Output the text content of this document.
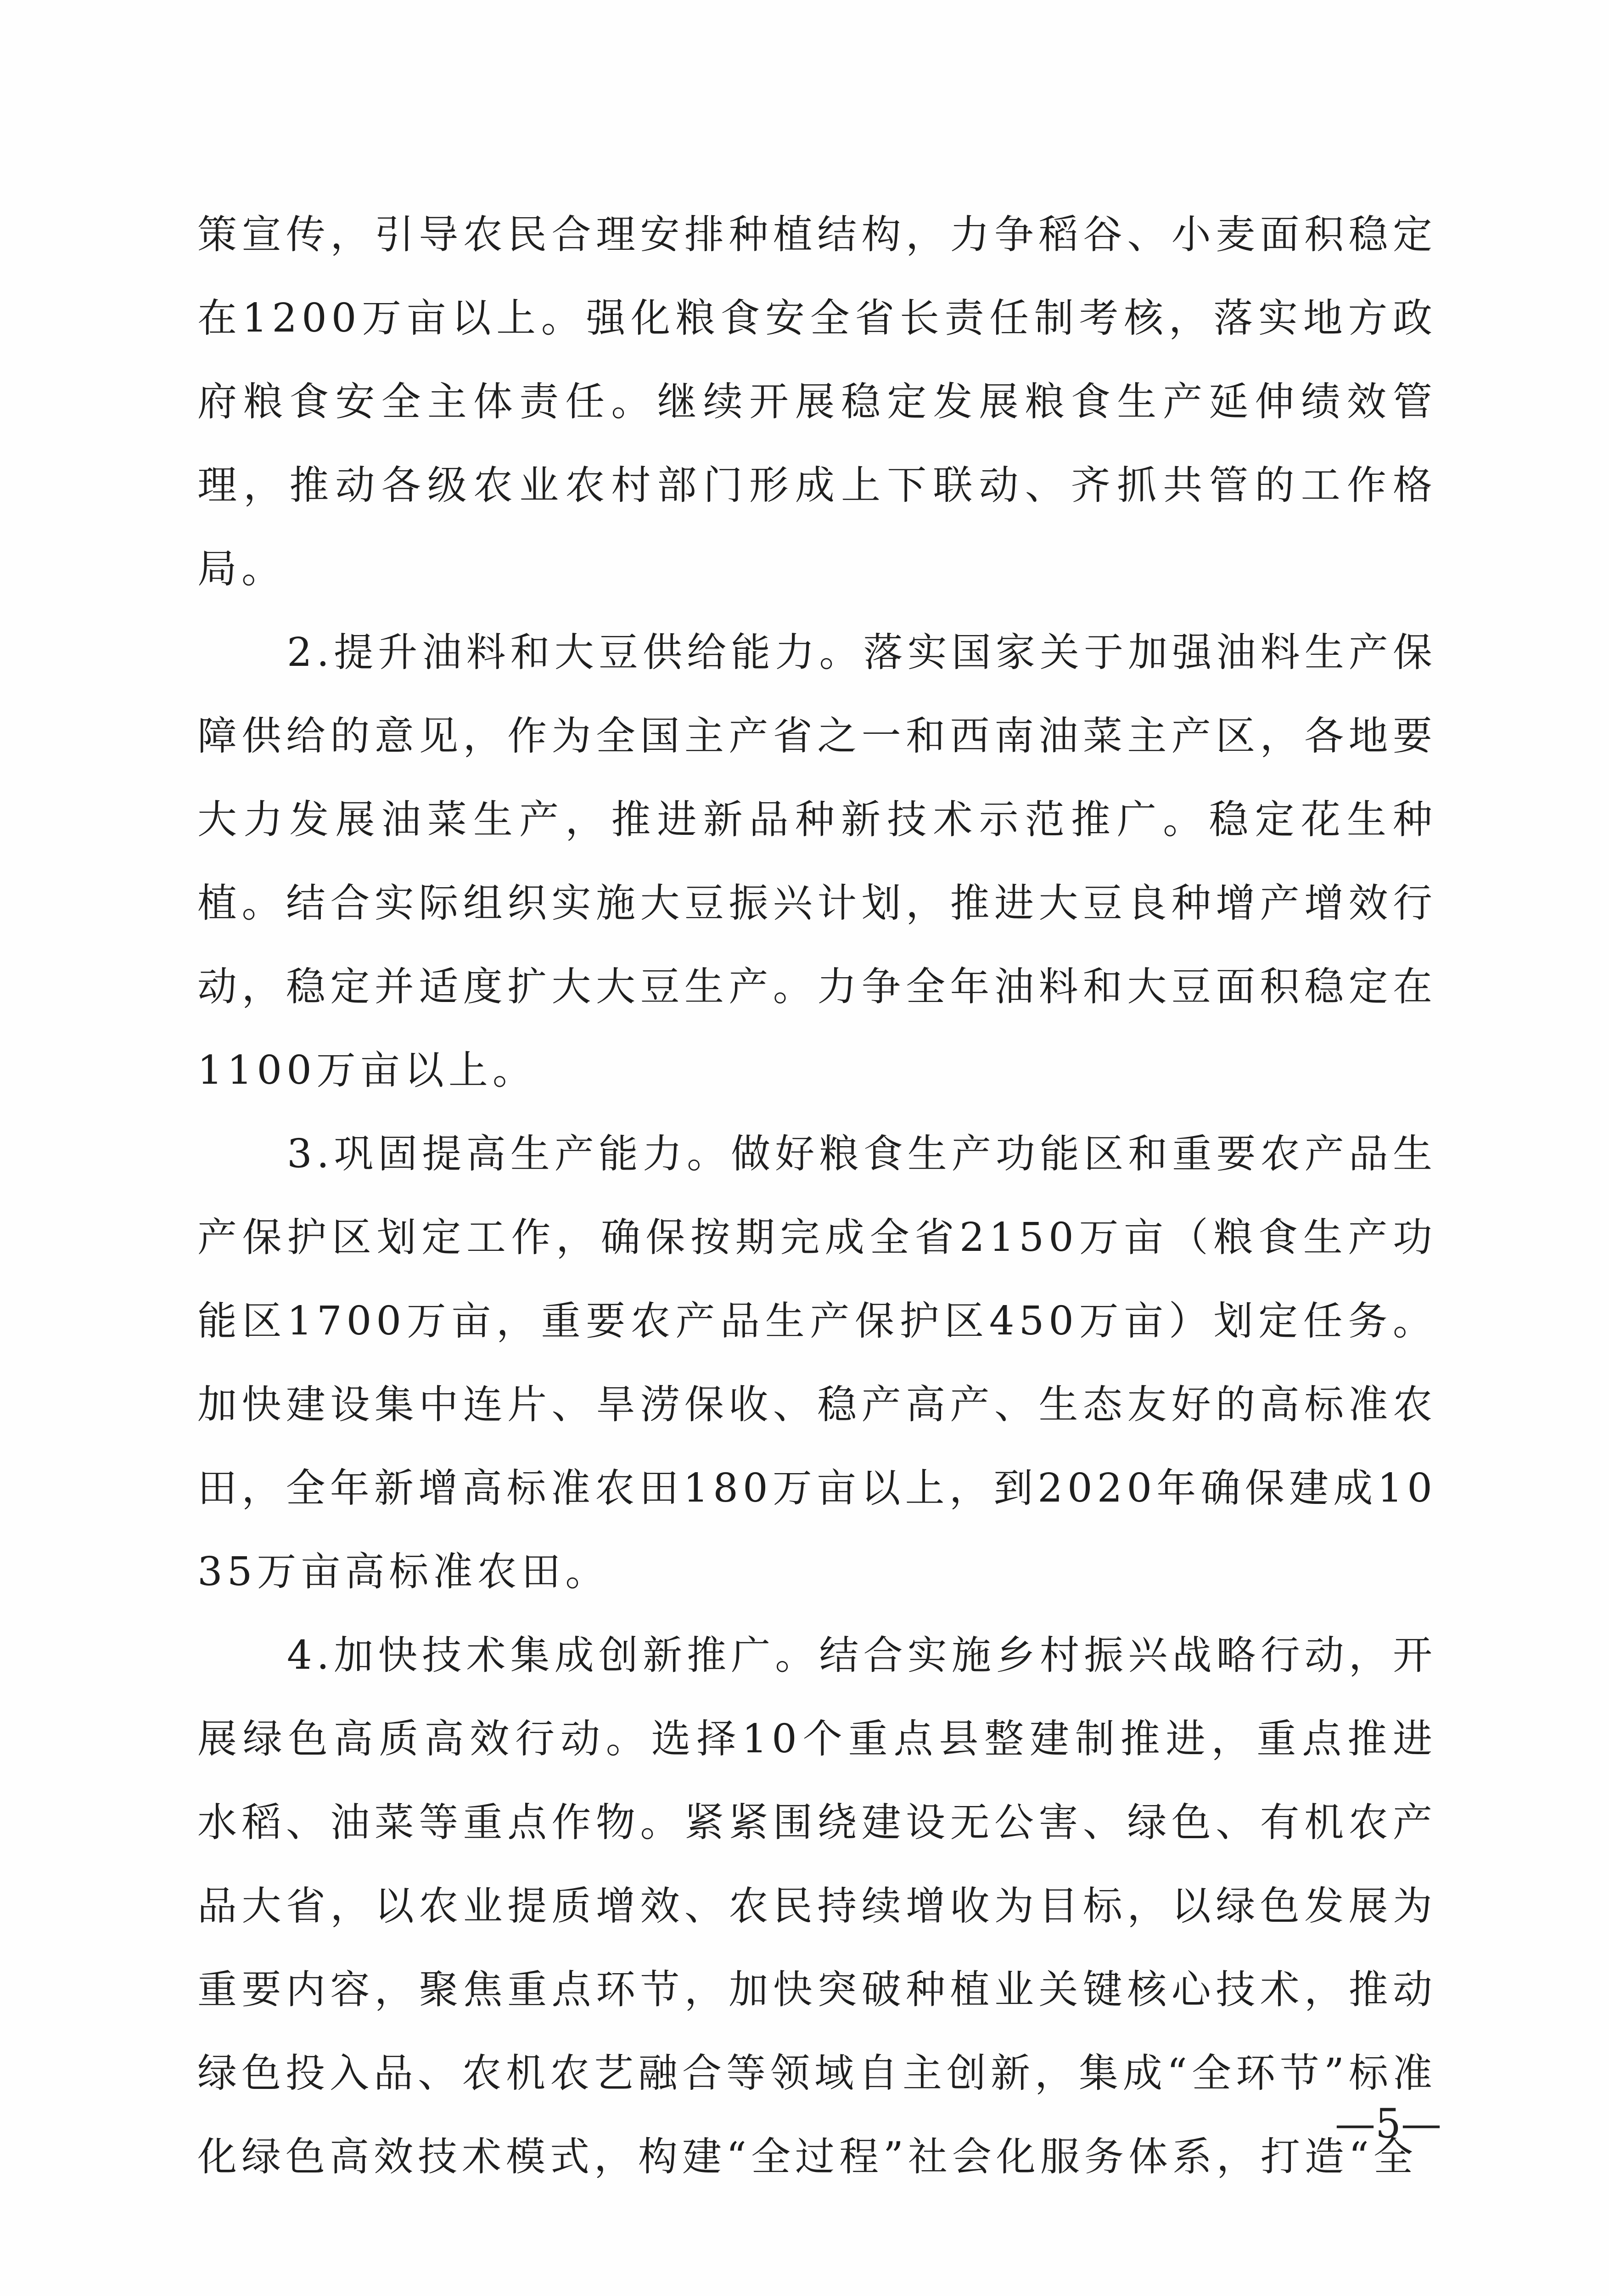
策宣传，引导农民合理安排种植结构，力争稻谷、小麦面积稳定在1200万亩以上。强化粮食安全省长责任制考核，落实地方政府粮食安全主体责任。继续开展稳定发展粮食生产延伸绩效管理，推动各级农业农村部门形成上下联动、齐抓共管的工作格局。

2.提升油料和大豆供给能力。落实国家关于加强油料生产保障供给的意见，作为全国主产省之一和西南油菜主产区，各地要大力发展油菜生产，推进新品种新技术示范推广。稳定花生种植。结合实际组织实施大豆振兴计划，推进大豆良种增产增效行动，稳定并适度扩大大豆生产。力争全年油料和大豆面积稳定在1100万亩以上。

3.巩固提高生产能力。做好粮食生产功能区和重要农产品生产保护区划定工作，确保按期完成全省2150万亩（粮食生产功能区1700万亩，重要农产品生产保护区450万亩）划定任务。加快建设集中连片、旱涝保收、稳产高产、生态友好的高标准农田，全年新增高标准农田180万亩以上，到2020年确保建成1035万亩高标准农田。

4.加快技术集成创新推广。结合实施乡村振兴战略行动，开展绿色高质高效行动。选择10个重点县整建制推进，重点推进水稻、油菜等重点作物。紧紧围绕建设无公害、绿色、有机农产品大省，以农业提质增效、农民持续增收为目标，以绿色发展为重要内容，聚焦重点环节，加快突破种植业关键核心技术，推动绿色投入品、农机农艺融合等领域自主创新，集成“全环节”标准化绿色高效技术模式，构建“全过程”社会化服务体系，打造“全

—5—
